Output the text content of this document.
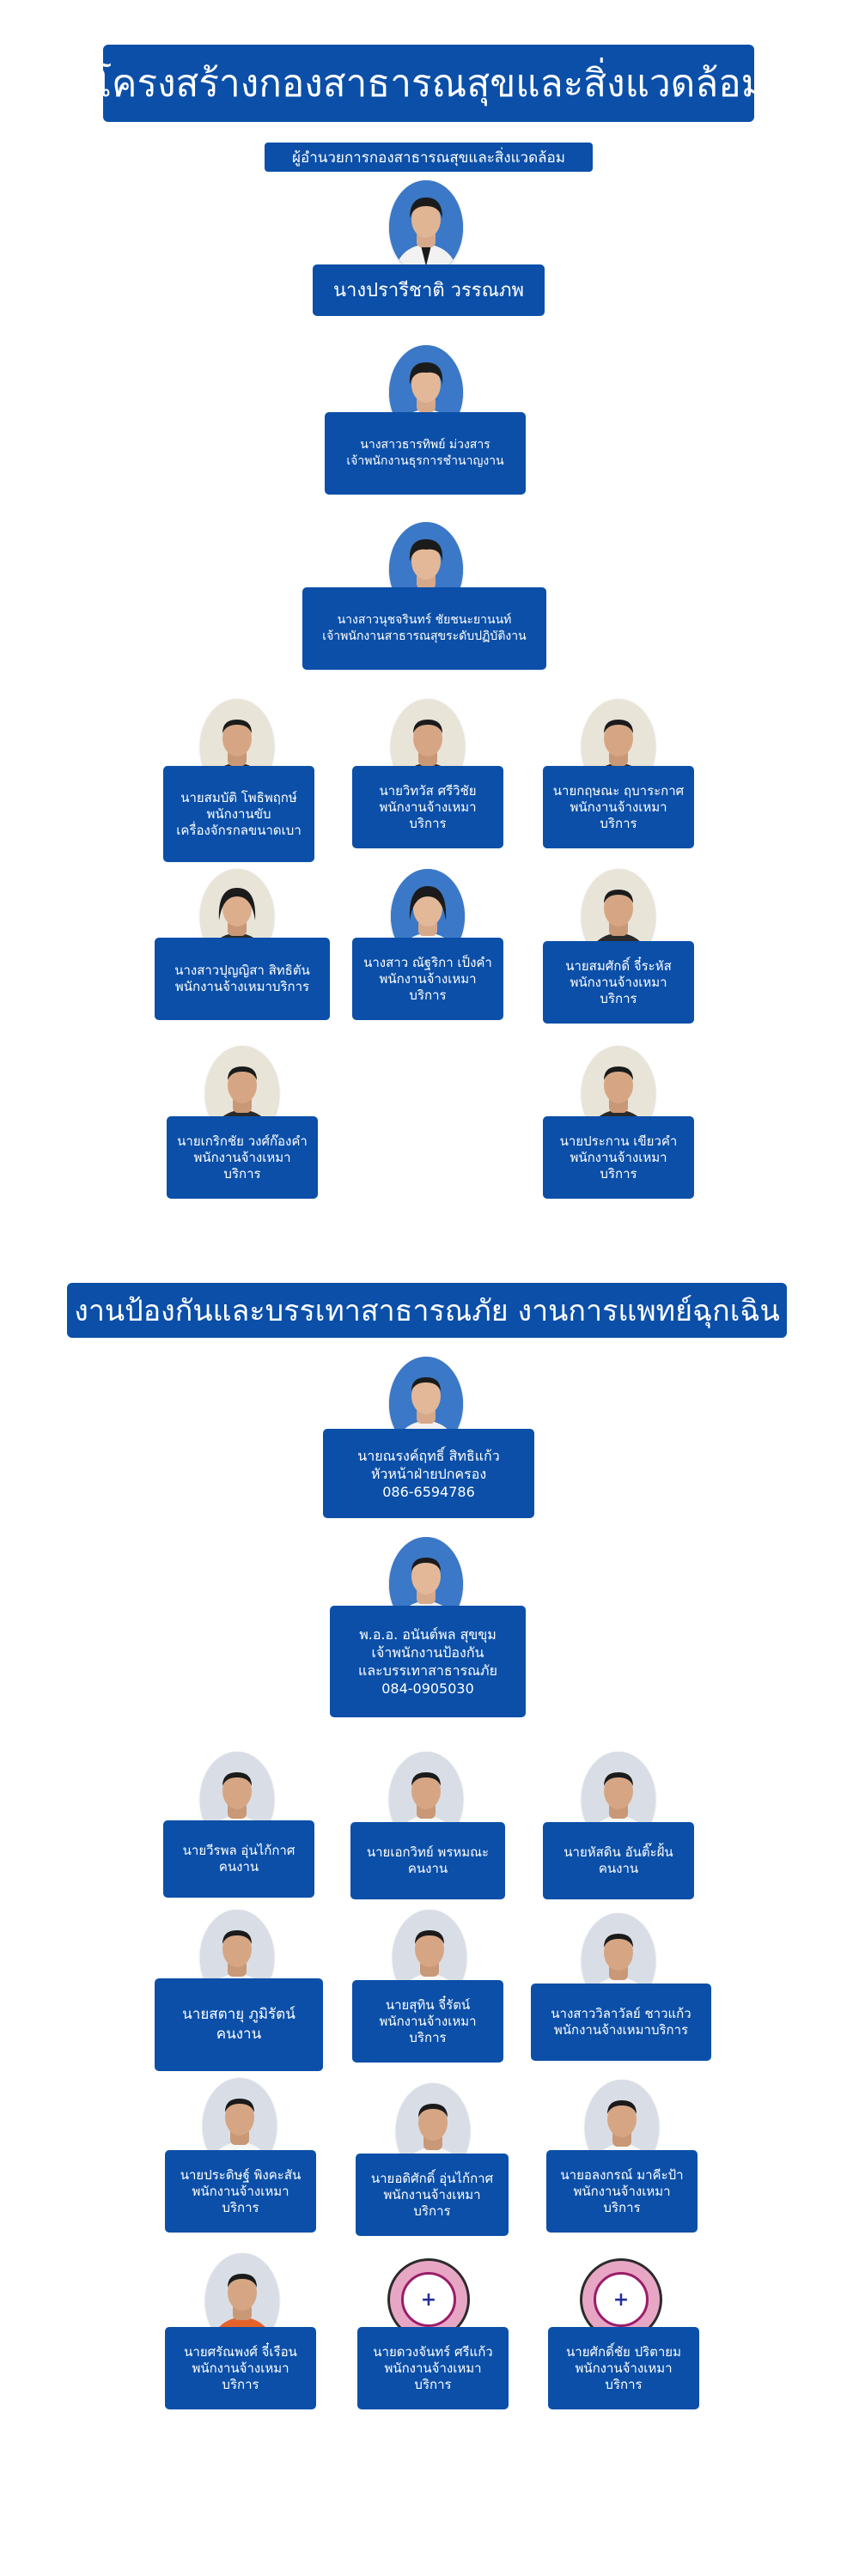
โครงสร้างกองสาธารณสุขและสิ่งแวดล้อม
ผู้อำนวยการกองสาธารณสุขและสิ่งแวดล้อม
นางปรารีชาติ วรรณภพ
นางสาวธารทิพย์ ม่วงสาร
เจ้าพนักงานธุรการชำนาญงาน
นางสาวนุชจรินทร์ ชัยชนะยานนท์
เจ้าพนักงานสาธารณสุขระดับปฏิบัติงาน
นายสมบัติ โพธิพฤกษ์
พนักงานขับ
เครื่องจักรกลขนาดเบา
นายวิทวัส ศรีวิชัย
พนักงานจ้างเหมา
บริการ
นายกฤษณะ ฤบาระกาศ
พนักงานจ้างเหมา
บริการ
นางสาวปุญญิสา สิทธิตัน
พนักงานจ้างเหมาบริการ
นางสาว ณัฐริกา เป็งคำ
พนักงานจ้างเหมา
บริการ
นายสมศักดิ์ จี๋ระหัส
พนักงานจ้างเหมา
บริการ
นายเกริกชัย วงศ์ก๊องคำ
พนักงานจ้างเหมา
บริการ
นายประกาน เขียวคำ
พนักงานจ้างเหมา
บริการ
งานป้องกันและบรรเทาสาธารณภัย งานการแพทย์ฉุกเฉิน
นายณรงค์ฤทธิ์ สิทธิแก้ว
หัวหน้าฝ่ายปกครอง
086-6594786
พ.อ.อ. อนันต์พล สุขขุม
เจ้าพนักงานป้องกัน
และบรรเทาสาธารณภัย
084-0905030
นายวีรพล อุ่นไก้กาศ
คนงาน
นายเอกวิทย์ พรหมณะ
คนงาน
นายหัสดิน อันติ๊ะฝั้น
คนงาน
นายสตายุ ภูมิรัตน์
คนงาน
นายสุทิน จี๋รัตน์
พนักงานจ้างเหมา
บริการ
นางสาววิลาวัลย์ ชาวแก้ว
พนักงานจ้างเหมาบริการ
นายประดิษฐ์ พิงคะสัน
พนักงานจ้างเหมา
บริการ
นายอดิศักดิ์ อุ่นไก้กาศ
พนักงานจ้างเหมา
บริการ
นายอลงกรณ์ มาคีะป้า
พนักงานจ้างเหมา
บริการ
นายศรัณพงศ์ จี๋เรือน
พนักงานจ้างเหมา
บริการ
+
นายดวงจันทร์ ศรีแก้ว
พนักงานจ้างเหมา
บริการ
+
นายศักดิ์ชัย ปริตายม
พนักงานจ้างเหมา
บริการ
